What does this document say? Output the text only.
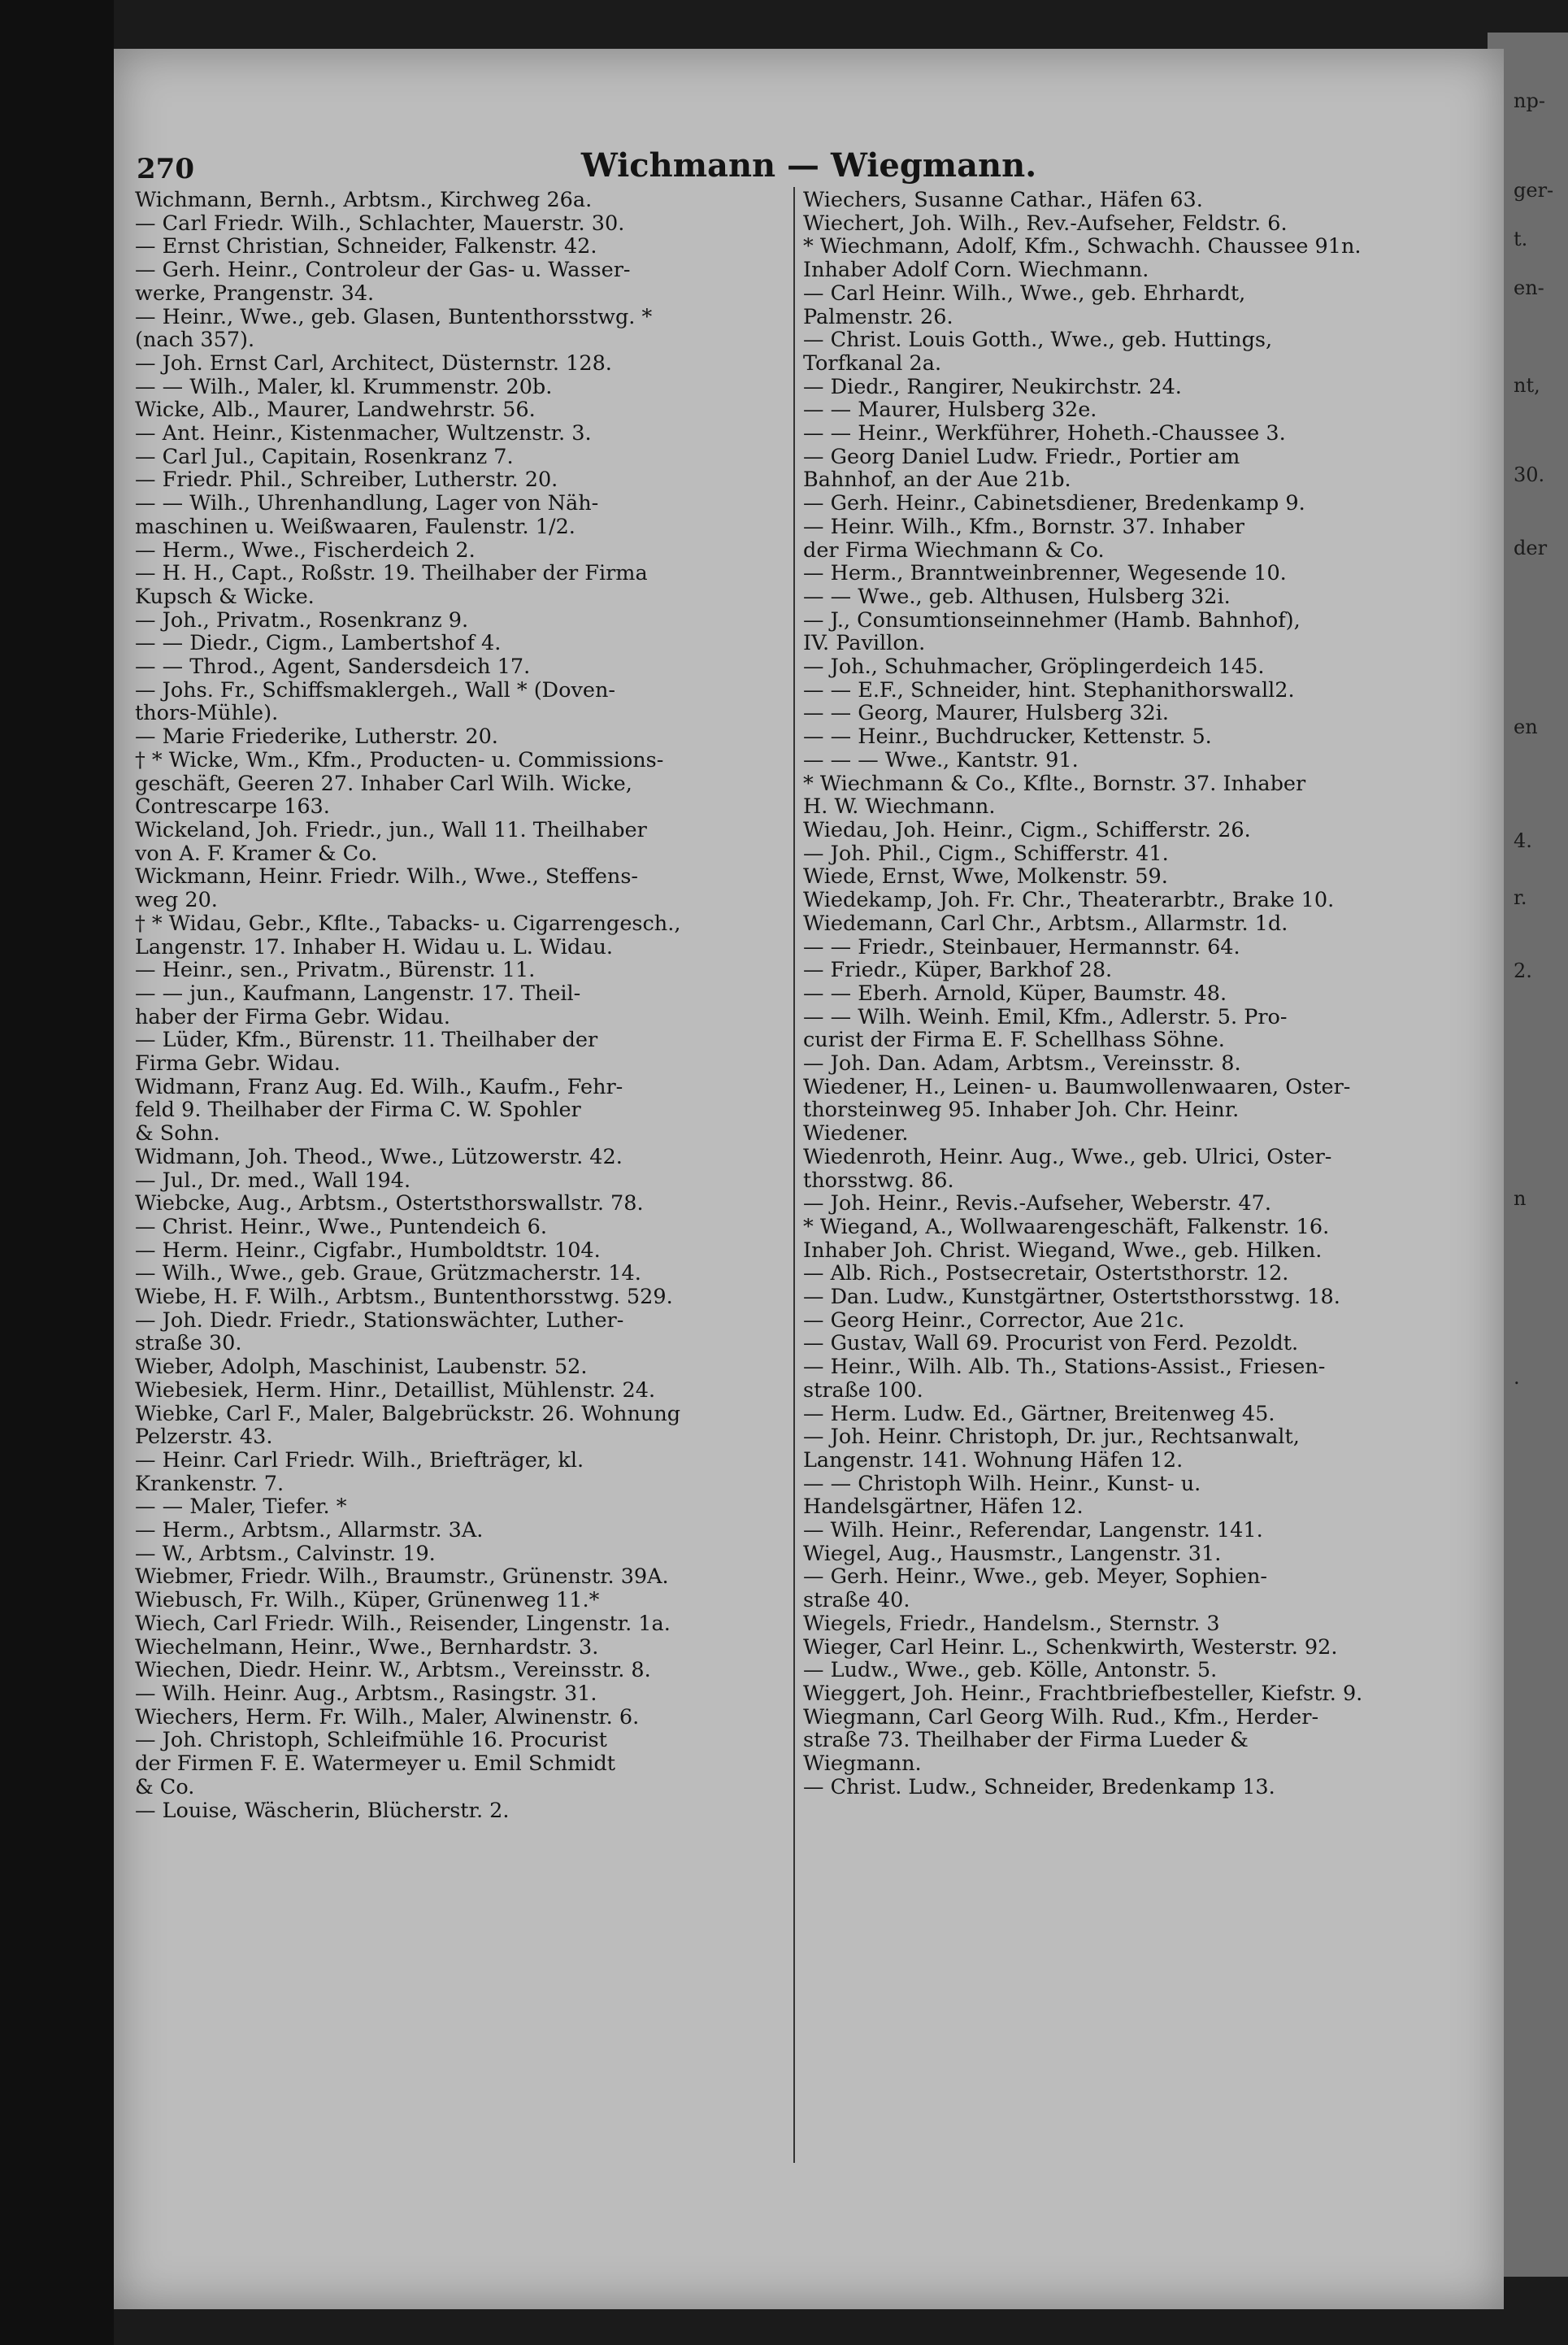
270	Wichmann — Wiegmann.
Wichmann, Bernh., Arbtsm., Kirchweg 26a.
— Carl Friedr. Wilh., Schlachter, Mauerstr. 30.
— Ernst Christian, Schneider, Falkenstr. 42.
— Gerh. Heinr., Controleur der Gas- u. Wasser-
werke, Prangenstr. 34.
— Heinr., Wwe., geb. Glasen, Buntenthorsstwg. *
(nach 357).
— Joh. Ernst Carl, Architect, Düsternstr. 128.
— — Wilh., Maler, kl. Krummenstr. 20b.
Wicke, Alb., Maurer, Landwehrstr. 56.
— Ant. Heinr., Kistenmacher, Wultzenstr. 3.
— Carl Jul., Capitain, Rosenkranz 7.
— Friedr. Phil., Schreiber, Lutherstr. 20.
— — Wilh., Uhrenhandlung, Lager von Näh-
maschinen u. Weißwaaren, Faulenstr. 1/2.
— Herm., Wwe., Fischerdeich 2.
— H. H., Capt., Roßstr. 19. Theilhaber der Firma
Kupsch & Wicke.
— Joh., Privatm., Rosenkranz 9.
— — Diedr., Cigm., Lambertshof 4.
— — Throd., Agent, Sandersdeich 17.
— Johs. Fr., Schiffsmaklergeh., Wall * (Doven-
thors-Mühle).
— Marie Friederike, Lutherstr. 20.
† * Wicke, Wm., Kfm., Producten- u. Commissions-
geschäft, Geeren 27. Inhaber Carl Wilh. Wicke,
Contrescarpe 163.
Wickeland, Joh. Friedr., jun., Wall 11. Theilhaber
von A. F. Kramer & Co.
Wickmann, Heinr. Friedr. Wilh., Wwe., Steffens-
weg 20.
† * Widau, Gebr., Kflte., Tabacks- u. Cigarrengesch.,
Langenstr. 17. Inhaber H. Widau u. L. Widau.
— Heinr., sen., Privatm., Bürenstr. 11.
— — jun., Kaufmann, Langenstr. 17. Theil-
haber der Firma Gebr. Widau.
— Lüder, Kfm., Bürenstr. 11. Theilhaber der
Firma Gebr. Widau.
Widmann, Franz Aug. Ed. Wilh., Kaufm., Fehr-
feld 9. Theilhaber der Firma C. W. Spohler
& Sohn.
Widmann, Joh. Theod., Wwe., Lützowerstr. 42.
— Jul., Dr. med., Wall 194.
Wiebcke, Aug., Arbtsm., Ostertsthorswallstr. 78.
— Christ. Heinr., Wwe., Puntendeich 6.
— Herm. Heinr., Cigfabr., Humboldtstr. 104.
— Wilh., Wwe., geb. Graue, Grützmacherstr. 14.
Wiebe, H. F. Wilh., Arbtsm., Buntenthorsstwg. 529.
— Joh. Diedr. Friedr., Stationswächter, Luther-
straße 30.
Wieber, Adolph, Maschinist, Laubenstr. 52.
Wiebesiek, Herm. Hinr., Detaillist, Mühlenstr. 24.
Wiebke, Carl F., Maler, Balgebrückstr. 26. Wohnung
Pelzerstr. 43.
— Heinr. Carl Friedr. Wilh., Briefträger, kl.
Krankenstr. 7.
— — Maler, Tiefer. *
— Herm., Arbtsm., Allarmstr. 3A.
— W., Arbtsm., Calvinstr. 19.
Wiebmer, Friedr. Wilh., Braumstr., Grünenstr. 39A.
Wiebusch, Fr. Wilh., Küper, Grünenweg 11.*
Wiech, Carl Friedr. Wilh., Reisender, Lingenstr. 1a.
Wiechelmann, Heinr., Wwe., Bernhardstr. 3.
Wiechen, Diedr. Heinr. W., Arbtsm., Vereinsstr. 8.
— Wilh. Heinr. Aug., Arbtsm., Rasingstr. 31.
Wiechers, Herm. Fr. Wilh., Maler, Alwinenstr. 6.
— Joh. Christoph, Schleifmühle 16. Procurist
der Firmen F. E. Watermeyer u. Emil Schmidt
& Co.
— Louise, Wäscherin, Blücherstr. 2.
Wiechers, Susanne Cathar., Häfen 63.
Wiechert, Joh. Wilh., Rev.-Aufseher, Feldstr. 6.
* Wiechmann, Adolf, Kfm., Schwachh. Chaussee 91n.
Inhaber Adolf Corn. Wiechmann.
— Carl Heinr. Wilh., Wwe., geb. Ehrhardt,
Palmenstr. 26.
— Christ. Louis Gotth., Wwe., geb. Huttings,
Torfkanal 2a.
— Diedr., Rangirer, Neukirchstr. 24.
— — Maurer, Hulsberg 32e.
— — Heinr., Werkführer, Hoheth.-Chaussee 3.
— Georg Daniel Ludw. Friedr., Portier am
Bahnhof, an der Aue 21b.
— Gerh. Heinr., Cabinetsdiener, Bredenkamp 9.
— Heinr. Wilh., Kfm., Bornstr. 37. Inhaber
der Firma Wiechmann & Co.
— Herm., Branntweinbrenner, Wegesende 10.
— — Wwe., geb. Althusen, Hulsberg 32i.
— J., Consumtionseinnehmer (Hamb. Bahnhof),
IV. Pavillon.
— Joh., Schuhmacher, Gröplingerdeich 145.
— — E.F., Schneider, hint. Stephanithorswall2.
— — Georg, Maurer, Hulsberg 32i.
— — Heinr., Buchdrucker, Kettenstr. 5.
— — — Wwe., Kantstr. 91.
* Wiechmann & Co., Kflte., Bornstr. 37. Inhaber
H. W. Wiechmann.
Wiedau, Joh. Heinr., Cigm., Schifferstr. 26.
— Joh. Phil., Cigm., Schifferstr. 41.
Wiede, Ernst, Wwe, Molkenstr. 59.
Wiedekamp, Joh. Fr. Chr., Theaterarbtr., Brake 10.
Wiedemann, Carl Chr., Arbtsm., Allarmstr. 1d.
— — Friedr., Steinbauer, Hermannstr. 64.
— Friedr., Küper, Barkhof 28.
— — Eberh. Arnold, Küper, Baumstr. 48.
— — Wilh. Weinh. Emil, Kfm., Adlerstr. 5. Pro-
curist der Firma E. F. Schellhass Söhne.
— Joh. Dan. Adam, Arbtsm., Vereinsstr. 8.
Wiedener, H., Leinen- u. Baumwollenwaaren, Oster-
thorsteinweg 95. Inhaber Joh. Chr. Heinr.
Wiedener.
Wiedenroth, Heinr. Aug., Wwe., geb. Ulrici, Oster-
thorsstwg. 86.
— Joh. Heinr., Revis.-Aufseher, Weberstr. 47.
* Wiegand, A., Wollwaarengeschäft, Falkenstr. 16.
Inhaber Joh. Christ. Wiegand, Wwe., geb. Hilken.
— Alb. Rich., Postsecretair, Ostertsthorstr. 12.
— Dan. Ludw., Kunstgärtner, Ostertsthorsstwg. 18.
— Georg Heinr., Corrector, Aue 21c.
— Gustav, Wall 69. Procurist von Ferd. Pezoldt.
— Heinr., Wilh. Alb. Th., Stations-Assist., Friesen-
straße 100.
— Herm. Ludw. Ed., Gärtner, Breitenweg 45.
— Joh. Heinr. Christoph, Dr. jur., Rechtsanwalt,
Langenstr. 141. Wohnung Häfen 12.
— — Christoph Wilh. Heinr., Kunst- u.
Handelsgärtner, Häfen 12.
— Wilh. Heinr., Referendar, Langenstr. 141.
Wiegel, Aug., Hausmstr., Langenstr. 31.
— Gerh. Heinr., Wwe., geb. Meyer, Sophien-
straße 40.
Wiegels, Friedr., Handelsm., Sternstr. 3
Wieger, Carl Heinr. L., Schenkwirth, Westerstr. 92.
— Ludw., Wwe., geb. Kölle, Antonstr. 5.
Wieggert, Joh. Heinr., Frachtbriefbesteller, Kiefstr. 9.
Wiegmann, Carl Georg Wilh. Rud., Kfm., Herder-
straße 73. Theilhaber der Firma Lueder &
Wiegmann.
— Christ. Ludw., Schneider, Bredenkamp 13.
np-
ger-
t.
en-
nt,
30.
der
en
4.
r.
2.
n
.
